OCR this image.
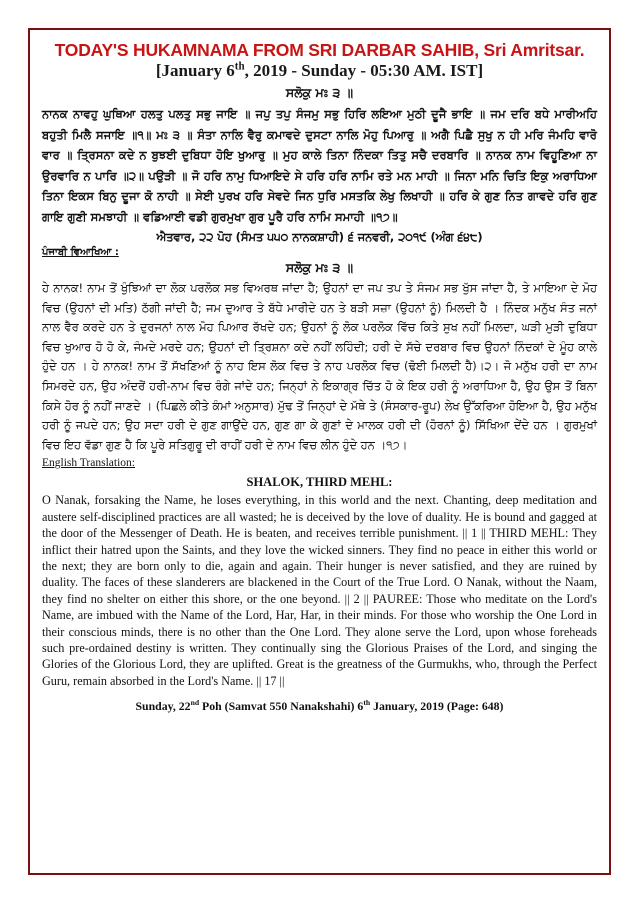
TODAY'S HUKAMNAMA FROM SRI DARBAR SAHIB, Sri Amritsar.
[January 6th, 2019 - Sunday - 05:30 AM. IST]
ਸਲੋਕੁ ਮਃ ੩ ॥

ਨਾਨਕ ਨਾਵਹੁ ਘੁਥਿਆ ਹਲਤੁ ਪਲਤੁ ਸਭੁ ਜਾਇ ॥ ਜਪੁ ਤਪੁ ਸੰਜਮੁ ਸਭੁ ਹਿਰਿ ਲਇਆ ਮੁਠੀ ਦੂਜੈ ਭਾਇ ॥ ਜਮ ਦਰਿ ਬਧੇ ਮਾਰੀਅਹਿ ਬਹੁਤੀ ਮਿਲੈ ਸਜਾਇ ॥੧॥ ਮਃ ੩ ॥ ਸੰਤਾ ਨਾਲਿ ਵੈਰੁ ਕਮਾਵਦੇ ਦੁਸਟਾ ਨਾਲਿ ਮੋਹੁ ਪਿਆਰੁ ॥ ਅਗੈ ਪਿਛੈ ਸੁਖੁ ਨ ਹੀ ਮਰਿ ਜੰਮਹਿ ਵਾਰੋ ਵਾਰ ॥ ਤ੍ਰਿਸਨਾ ਕਦੇ ਨ ਬੁਝਈ ਦੁਬਿਧਾ ਹੋਇ ਖੁਆਰੁ ॥ ਮੁਹ ਕਾਲੇ ਤਿਨਾ ਨਿੰਦਕਾ ਤਿਤੁ ਸਚੈ ਦਰਬਾਰਿ ॥ ਨਾਨਕ ਨਾਮ ਵਿਹੂਣਿਆ ਨਾ ਉਰਵਾਰਿ ਨ ਪਾਰਿ ॥੨॥ ਪਉੜੀ ॥ ਜੋ ਹਰਿ ਨਾਮੁ ਧਿਆਇਦੇ ਸੇ ਹਰਿ ਹਰਿ ਨਾਮਿ ਰਤੇ ਮਨ ਮਾਹੀ ॥ ਜਿਨਾ ਮਨਿ ਚਿਤਿ ਇਕੁ ਅਰਾਧਿਆ ਤਿਨਾ ਇਕਸ ਬਿਨੁ ਦੂਜਾ ਕੋ ਨਾਹੀ ॥ ਸੇਈ ਪੁਰਖ ਹਰਿ ਸੇਵਦੇ ਜਿਨ ਧੁਰਿ ਮਸਤਕਿ ਲੇਖੁ ਲਿਖਾਹੀ ॥ ਹਰਿ ਕੇ ਗੁਣ ਨਿਤ ਗਾਵਦੇ ਹਰਿ ਗੁਣ ਗਾਇ ਗੁਣੀ ਸਮਝਾਹੀ ॥ ਵਡਿਆਈ ਵਡੀ ਗੁਰਮੁਖਾ ਗੁਰ ਪੂਰੈ ਹਰਿ ਨਾਮਿ ਸਮਾਹੀ ॥੧੭॥

ਐਤਵਾਰ, ੨੨ ਪੋਹ (ਸੰਮਤ ੫੫੦ ਨਾਨਕਸ਼ਾਹੀ) ੬ ਜਨਵਰੀ, ੨੦੧੯ (ਅੰਗ ੬੪੮)
ਪੰਜਾਬੀ ਵਿਆਖਿਆ :
ਸਲੋਕੁ ਮਃ ੩ ॥

ਹੇ ਨਾਨਕ! ਨਾਮ ਤੋਂ ਖੁੰਝਿਆਂ ਦਾ ਲੋਕ ਪਰਲੋਕ ਸਭ ਵਿਅਰਥ ਜਾਂਦਾ ਹੈ; ਉਹਨਾਂ ਦਾ ਜਪ ਤਪ ਤੇ ਸੰਜਮ ਸਭ ਖੁੱਸ ਜਾਂਦਾ ਹੈ, ਤੇ ਮਾਇਆ ਦੇ ਮੋਹ ਵਿਚ (ਉਹਨਾਂ ਦੀ ਮਤਿ) ਠੱਗੀ ਜਾਂਦੀ ਹੈ; ਜਮ ਦੁਆਰ ਤੇ ਬੱਧੇ ਮਾਰੀਦੇ ਹਨ ਤੇ ਬੜੀ ਸਜ਼ਾ (ਉਹਨਾਂ ਨੂੰ) ਮਿਲਦੀ ਹੈ । ਨਿੰਦਕ ਮਨੁੱਖ ਸੰਤ ਜਨਾਂ ਨਾਲ ਵੈਰ ਕਰਦੇ ਹਨ ਤੇ ਦੁਰਜਨਾਂ ਨਾਲ ਮੋਹ ਪਿਆਰ ਰੱਖਦੇ ਹਨ; ਉਹਨਾਂ ਨੂੰ ਲੋਕ ਪਰਲੋਕ ਵਿੱਚ ਕਿਤੇ ਸੁਖ ਨਹੀਂ ਮਿਲਦਾ, ਘੜੀ ਮੁੜੀ ਦੁਬਿਧਾ ਵਿਚ ਖੁਆਰ ਹੋ ਹੋ ਕੇ, ਜੰਮਦੇ ਮਰਦੇ ਹਨ; ਉਹਨਾਂ ਦੀ ਤ੍ਰਿਸ਼ਨਾ ਕਦੇ ਨਹੀਂ ਲਹਿੰਦੀ; ਹਰੀ ਦੇ ਸੱਚੇ ਦਰਬਾਰ ਵਿਚ ਉਹਨਾਂ ਨਿੰਦਕਾਂ ਦੇ ਮੂੰਹ ਕਾਲੇ ਹੁੰਦੇ ਹਨ । ਹੇ ਨਾਨਕ! ਨਾਮ ਤੋਂ ਸੱਖਣਿਆਂ ਨੂੰ ਨਾਹ ਇਸ ਲੋਕ ਵਿਚ ਤੇ ਨਾਹ ਪਰਲੋਕ ਵਿਚ (ਢੋਈ ਮਿਲਦੀ ਹੈ)।੨। ਜੋ ਮਨੁੱਖ ਹਰੀ ਦਾ ਨਾਮ ਸਿਮਰਦੇ ਹਨ, ਉਹ ਅੰਦਰੋਂ ਹਰੀ-ਨਾਮ ਵਿਚ ਰੰਗੇ ਜਾਂਦੇ ਹਨ; ਜਿਨ੍ਹਾਂ ਨੇ ਇਕਾਗ੍ਰ ਚਿੱਤ ਹੋ ਕੇ ਇਕ ਹਰੀ ਨੂੰ ਅਰਾਧਿਆ ਹੈ, ਉਹ ਉਸ ਤੋਂ ਬਿਨਾ ਕਿਸੇ ਹੋਰ ਨੂੰ ਨਹੀਂ ਜਾਣਦੇ । (ਪਿਛਲੇ ਕੀਤੇ ਕੰਮਾਂ ਅਨੁਸਾਰ) ਮੁੱਢ ਤੋਂ ਜਿਨ੍ਹਾਂ ਦੇ ਮੱਥੇ ਤੇ (ਸੰਸਕਾਰ-ਰੂਪ) ਲੇਖ ਉੱਕਰਿਆ ਹੋਇਆ ਹੈ, ਉਹ ਮਨੁੱਖ ਹਰੀ ਨੂੰ ਜਪਦੇ ਹਨ; ਉਹ ਸਦਾ ਹਰੀ ਦੇ ਗੁਣ ਗਾਉਂਦੇ ਹਨ, ਗੁਣ ਗਾ ਕੇ ਗੁਣਾਂ ਦੇ ਮਾਲਕ ਹਰੀ ਦੀ (ਹੋਰਨਾਂ ਨੂੰ) ਸਿੱਖਿਆ ਦੇਂਦੇ ਹਨ । ਗੁਰਮੁਖਾਂ ਵਿਚ ਇਹ ਵੱਡਾ ਗੁਣ ਹੈ ਕਿ ਪੂਰੇ ਸਤਿਗੁਰੂ ਦੀ ਰਾਹੀਂ ਹਰੀ ਦੇ ਨਾਮ ਵਿਚ ਲੀਨ ਹੁੰਦੇ ਹਨ ।੧੭।

English Translation:
SHALOK, THIRD MEHL:

O Nanak, forsaking the Name, he loses everything, in this world and the next. Chanting, deep meditation and austere self-disciplined practices are all wasted; he is deceived by the love of duality. He is bound and gagged at the door of the Messenger of Death. He is beaten, and receives terrible punishment. || 1 || THIRD MEHL: They inflict their hatred upon the Saints, and they love the wicked sinners. They find no peace in either this world or the next; they are born only to die, again and again. Their hunger is never satisfied, and they are ruined by duality. The faces of these slanderers are blackened in the Court of the True Lord. O Nanak, without the Naam, they find no shelter on either this shore, or the one beyond. || 2 || PAUREE: Those who meditate on the Lord's Name, are imbued with the Name of the Lord, Har, Har, in their minds. For those who worship the One Lord in their conscious minds, there is no other than the One Lord. They alone serve the Lord, upon whose foreheads such pre-ordained destiny is written. They continually sing the Glorious Praises of the Lord, and singing the Glories of the Glorious Lord, they are uplifted. Great is the greatness of the Gurmukhs, who, through the Perfect Guru, remain absorbed in the Lord's Name. || 17 ||

Sunday, 22nd Poh (Samvat 550 Nanakshahi) 6th January, 2019 (Page: 648)
